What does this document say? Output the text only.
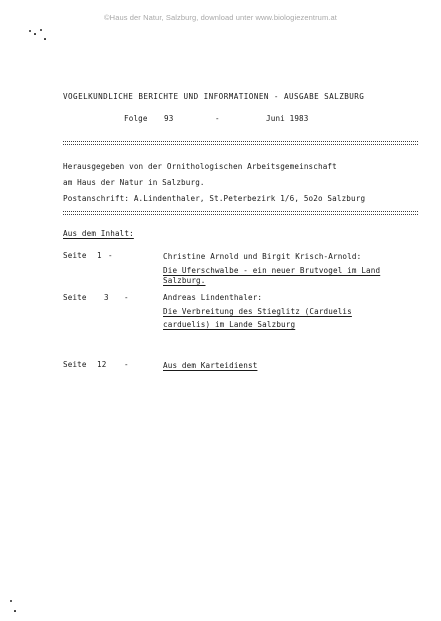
©Haus der Natur, Salzburg, download unter www.biologiezentrum.at
VOGELKUNDLICHE BERICHTE UND INFORMATIONEN - AUSGABE SALZBURG
Folge 93	-	Juni 1983
Herausgegeben von der Ornithologischen Arbeitsgemeinschaft
am Haus der Natur in Salzburg.
Postanschrift: A.Lindenthaler, St.Peterbezirk 1/6, 5o2o Salzburg
Aus dem Inhalt:
Seite 1 -	Christine Arnold und Birgit Krisch-Arnold:
Die Uferschwalbe - ein neuer Brutvogel im Land
Salzburg.
Seite 3 -	Andreas Lindenthaler:
Die Verbreitung des Stieglitz (Carduelis
carduelis) im Lande Salzburg
Seite 12 -	Aus dem Karteidienst
